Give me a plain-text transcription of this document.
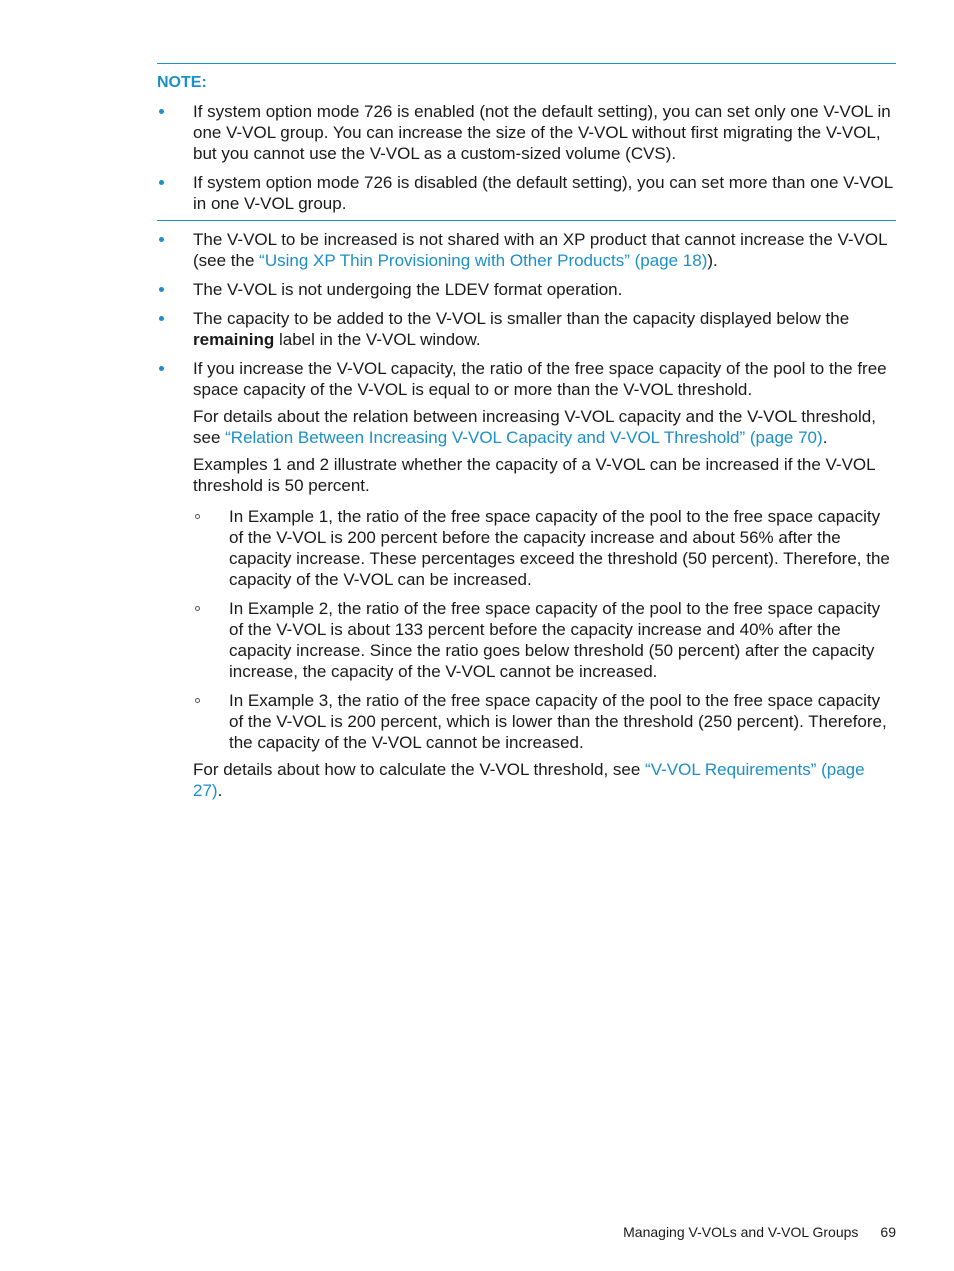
NOTE:
If system option mode 726 is enabled (not the default setting), you can set only one V-VOL in one V-VOL group. You can increase the size of the V-VOL without first migrating the V-VOL, but you cannot use the V-VOL as a custom-sized volume (CVS).
If system option mode 726 is disabled (the default setting), you can set more than one V-VOL in one V-VOL group.
The V-VOL to be increased is not shared with an XP product that cannot increase the V-VOL (see the “Using XP Thin Provisioning with Other Products” (page 18)).
The V-VOL is not undergoing the LDEV format operation.
The capacity to be added to the V-VOL is smaller than the capacity displayed below the remaining label in the V-VOL window.
If you increase the V-VOL capacity, the ratio of the free space capacity of the pool to the free space capacity of the V-VOL is equal to or more than the V-VOL threshold.
For details about the relation between increasing V-VOL capacity and the V-VOL threshold, see “Relation Between Increasing V-VOL Capacity and V-VOL Threshold” (page 70).
Examples 1 and 2 illustrate whether the capacity of a V-VOL can be increased if the V-VOL threshold is 50 percent.
In Example 1, the ratio of the free space capacity of the pool to the free space capacity of the V-VOL is 200 percent before the capacity increase and about 56% after the capacity increase. These percentages exceed the threshold (50 percent). Therefore, the capacity of the V-VOL can be increased.
In Example 2, the ratio of the free space capacity of the pool to the free space capacity of the V-VOL is about 133 percent before the capacity increase and 40% after the capacity increase. Since the ratio goes below threshold (50 percent) after the capacity increase, the capacity of the V-VOL cannot be increased.
In Example 3, the ratio of the free space capacity of the pool to the free space capacity of the V-VOL is 200 percent, which is lower than the threshold (250 percent). Therefore, the capacity of the V-VOL cannot be increased.
For details about how to calculate the V-VOL threshold, see “V-VOL Requirements” (page 27).
Managing V-VOLs and V-VOL Groups 69
